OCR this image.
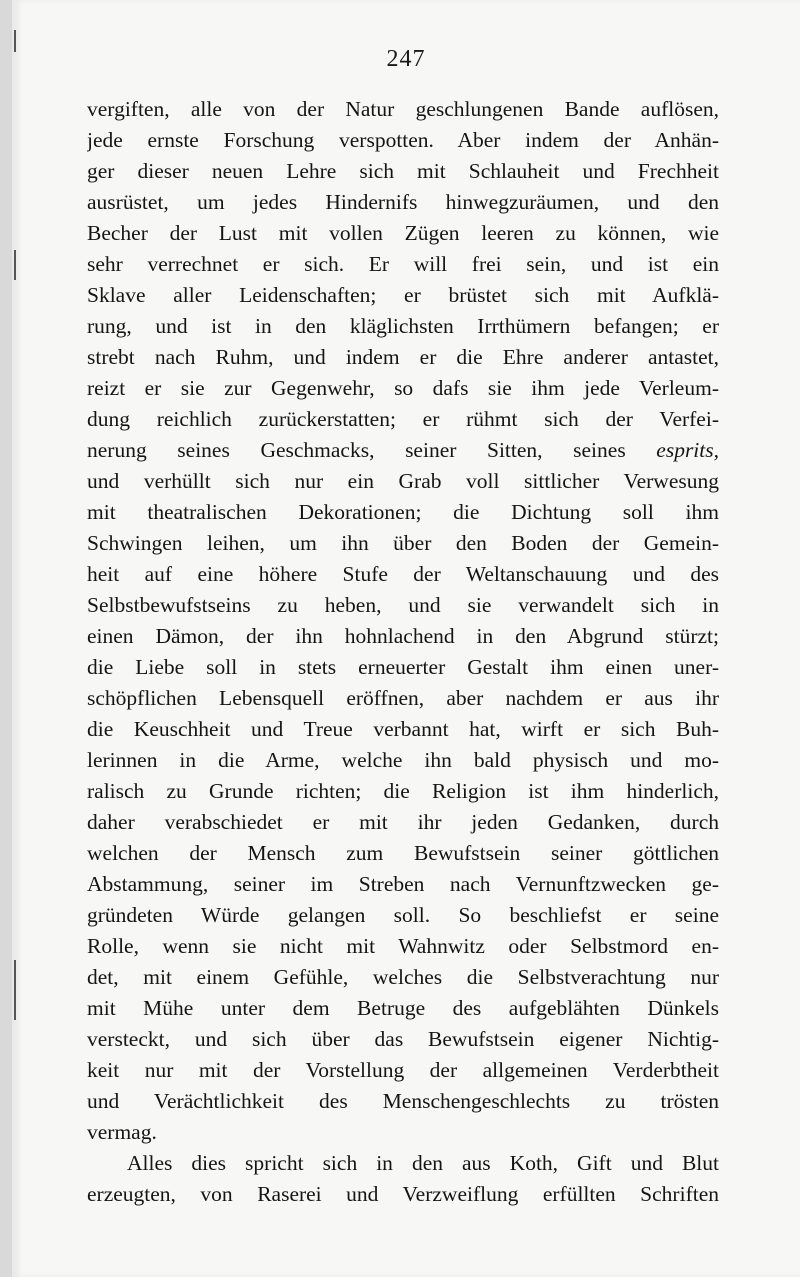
247
vergiften, alle von der Natur geschlungenen Bande auflösen,
jede ernste Forschung verspotten. Aber indem der Anhän-
ger dieser neuen Lehre sich mit Schlauheit und Frechheit
ausrüstet, um jedes Hindernifs hinwegzuräumen, und den
Becher der Lust mit vollen Zügen leeren zu können, wie
sehr verrechnet er sich. Er will frei sein, und ist ein
Sklave aller Leidenschaften; er brüstet sich mit Aufklä-
rung, und ist in den kläglichsten Irrthümern befangen; er
strebt nach Ruhm, und indem er die Ehre anderer antastet,
reizt er sie zur Gegenwehr, so dafs sie ihm jede Verleum-
dung reichlich zurückerstatten; er rühmt sich der Verfei-
nerung seines Geschmacks, seiner Sitten, seines esprits,
und verhüllt sich nur ein Grab voll sittlicher Verwesung
mit theatralischen Dekorationen; die Dichtung soll ihm
Schwingen leihen, um ihn über den Boden der Gemein-
heit auf eine höhere Stufe der Weltanschauung und des
Selbstbewufstseins zu heben, und sie verwandelt sich in
einen Dämon, der ihn hohnlachend in den Abgrund stürzt;
die Liebe soll in stets erneuerter Gestalt ihm einen uner-
schöpflichen Lebensquell eröffnen, aber nachdem er aus ihr
die Keuschheit und Treue verbannt hat, wirft er sich Buh-
lerinnen in die Arme, welche ihn bald physisch und mo-
ralisch zu Grunde richten; die Religion ist ihm hinderlich,
daher verabschiedet er mit ihr jeden Gedanken, durch
welchen der Mensch zum Bewufstsein seiner göttlichen
Abstammung, seiner im Streben nach Vernunftzwecken ge-
gründeten Würde gelangen soll. So beschliefst er seine
Rolle, wenn sie nicht mit Wahnwitz oder Selbstmord en-
det, mit einem Gefühle, welches die Selbstverachtung nur
mit Mühe unter dem Betruge des aufgeblähten Dünkels
versteckt, und sich über das Bewufstsein eigener Nichtig-
keit nur mit der Vorstellung der allgemeinen Verderbtheit
und Verächtlichkeit des Menschengeschlechts zu trösten
vermag.
Alles dies spricht sich in den aus Koth, Gift und Blut
erzeugten, von Raserei und Verzweiflung erfüllten Schriften
